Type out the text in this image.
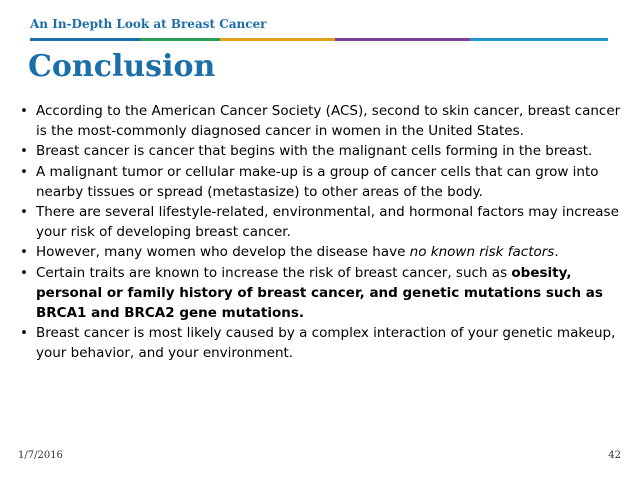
An In-Depth Look at Breast Cancer
Conclusion
• According to the American Cancer Society (ACS), second to skin cancer, breast cancer is the most-commonly diagnosed cancer in women in the United States.
• Breast cancer is cancer that begins with the malignant cells forming in the breast.
• A malignant tumor or cellular make-up is a group of cancer cells that can grow into nearby tissues or spread (metastasize) to other areas of the body.
• There are several lifestyle-related, environmental, and hormonal factors may increase your risk of developing breast cancer.
• However, many women who develop the disease have no known risk factors.
• Certain traits are known to increase the risk of breast cancer, such as obesity, personal or family history of breast cancer, and genetic mutations such as BRCA1 and BRCA2 gene mutations.
• Breast cancer is most likely caused by a complex interaction of your genetic makeup, your behavior, and your environment.
1/7/2016	42
